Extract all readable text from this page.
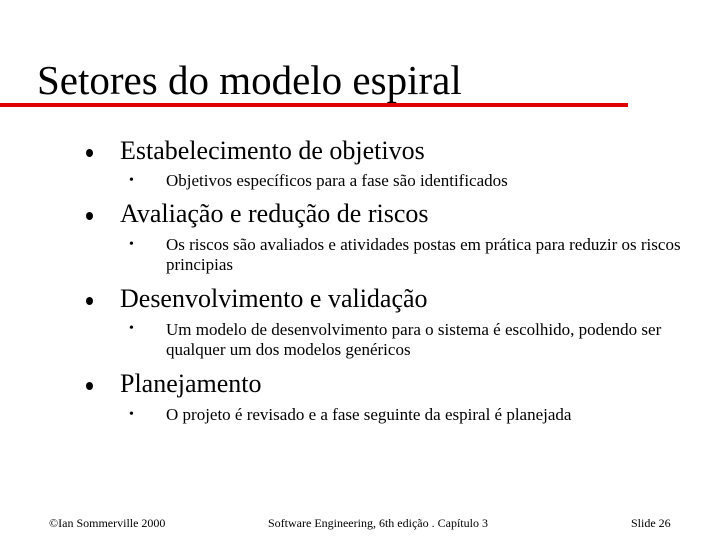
Setores do modelo espiral
Estabelecimento de objetivos
• Objetivos específicos para a fase são identificados
Avaliação e redução de riscos
• Os riscos são avaliados e atividades postas em prática para reduzir os riscos principias
Desenvolvimento e validação
• Um modelo de desenvolvimento para o sistema é escolhido, podendo ser qualquer um dos modelos genéricos
Planejamento
• O projeto é revisado e a fase seguinte da espiral é planejada
©Ian Sommerville 2000	Software Engineering, 6th edição . Capítulo 3	Slide 26
